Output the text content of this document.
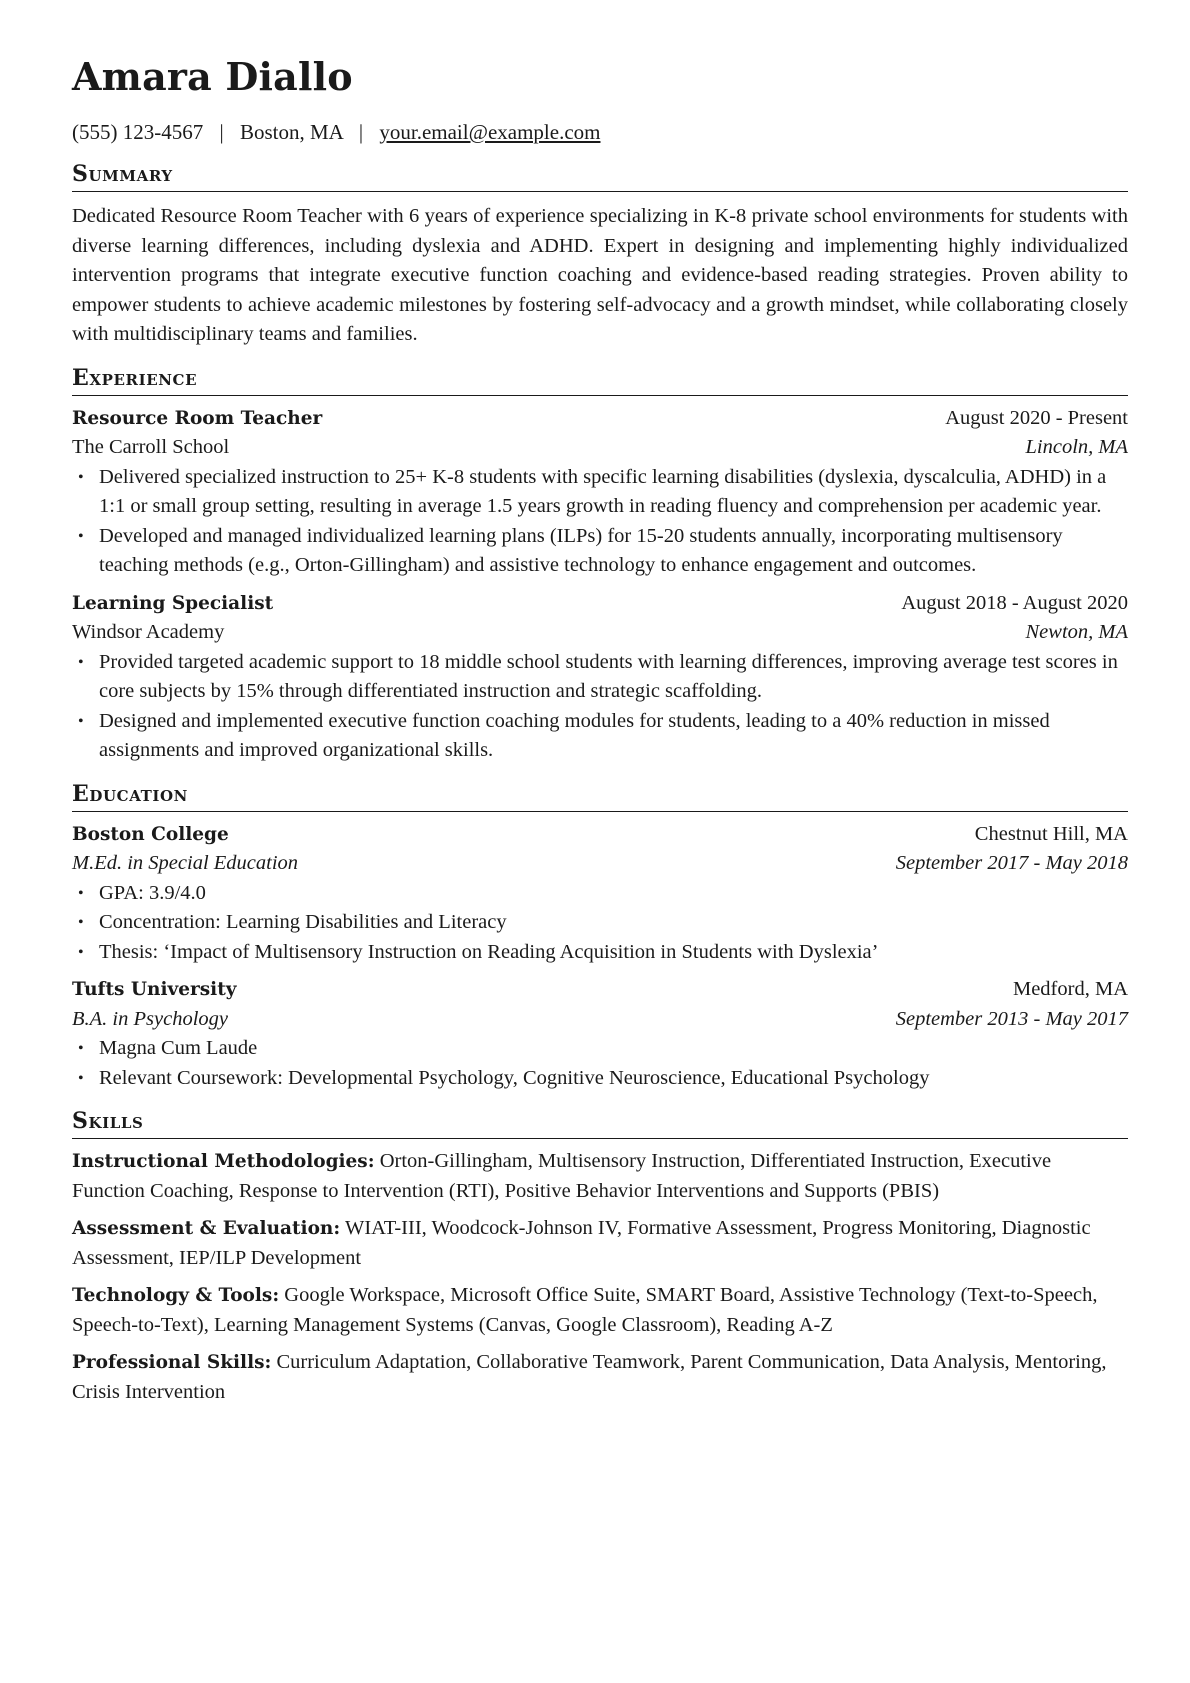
Amara Diallo
(555) 123-4567 | Boston, MA | your.email@example.com
Summary
Dedicated Resource Room Teacher with 6 years of experience specializing in K-8 private school environments for students with diverse learning differences, including dyslexia and ADHD. Expert in designing and implementing highly individualized intervention programs that integrate executive function coaching and evidence-based reading strategies. Proven ability to empower students to achieve academic milestones by fostering self-advocacy and a growth mindset, while collaborating closely with multidisciplinary teams and families.
Experience
Resource Room Teacher	August 2020 - Present
The Carroll School	Lincoln, MA
• Delivered specialized instruction to 25+ K-8 students with specific learning disabilities (dyslexia, dyscalculia, ADHD) in a 1:1 or small group setting, resulting in average 1.5 years growth in reading fluency and comprehension per academic year.
• Developed and managed individualized learning plans (ILPs) for 15-20 students annually, incorporating multisensory teaching methods (e.g., Orton-Gillingham) and assistive technology to enhance engagement and outcomes.
Learning Specialist	August 2018 - August 2020
Windsor Academy	Newton, MA
• Provided targeted academic support to 18 middle school students with learning differences, improving average test scores in core subjects by 15% through differentiated instruction and strategic scaffolding.
• Designed and implemented executive function coaching modules for students, leading to a 40% reduction in missed assignments and improved organizational skills.
Education
Boston College	Chestnut Hill, MA
M.Ed. in Special Education	September 2017 - May 2018
• GPA: 3.9/4.0
• Concentration: Learning Disabilities and Literacy
• Thesis: ‘Impact of Multisensory Instruction on Reading Acquisition in Students with Dyslexia’
Tufts University	Medford, MA
B.A. in Psychology	September 2013 - May 2017
• Magna Cum Laude
• Relevant Coursework: Developmental Psychology, Cognitive Neuroscience, Educational Psychology
Skills
Instructional Methodologies: Orton-Gillingham, Multisensory Instruction, Differentiated Instruction, Executive Function Coaching, Response to Intervention (RTI), Positive Behavior Interventions and Supports (PBIS)
Assessment & Evaluation: WIAT-III, Woodcock-Johnson IV, Formative Assessment, Progress Monitoring, Diagnostic Assessment, IEP/ILP Development
Technology & Tools: Google Workspace, Microsoft Office Suite, SMART Board, Assistive Technology (Text-to-Speech, Speech-to-Text), Learning Management Systems (Canvas, Google Classroom), Reading A-Z
Professional Skills: Curriculum Adaptation, Collaborative Teamwork, Parent Communication, Data Analysis, Mentoring, Crisis Intervention
